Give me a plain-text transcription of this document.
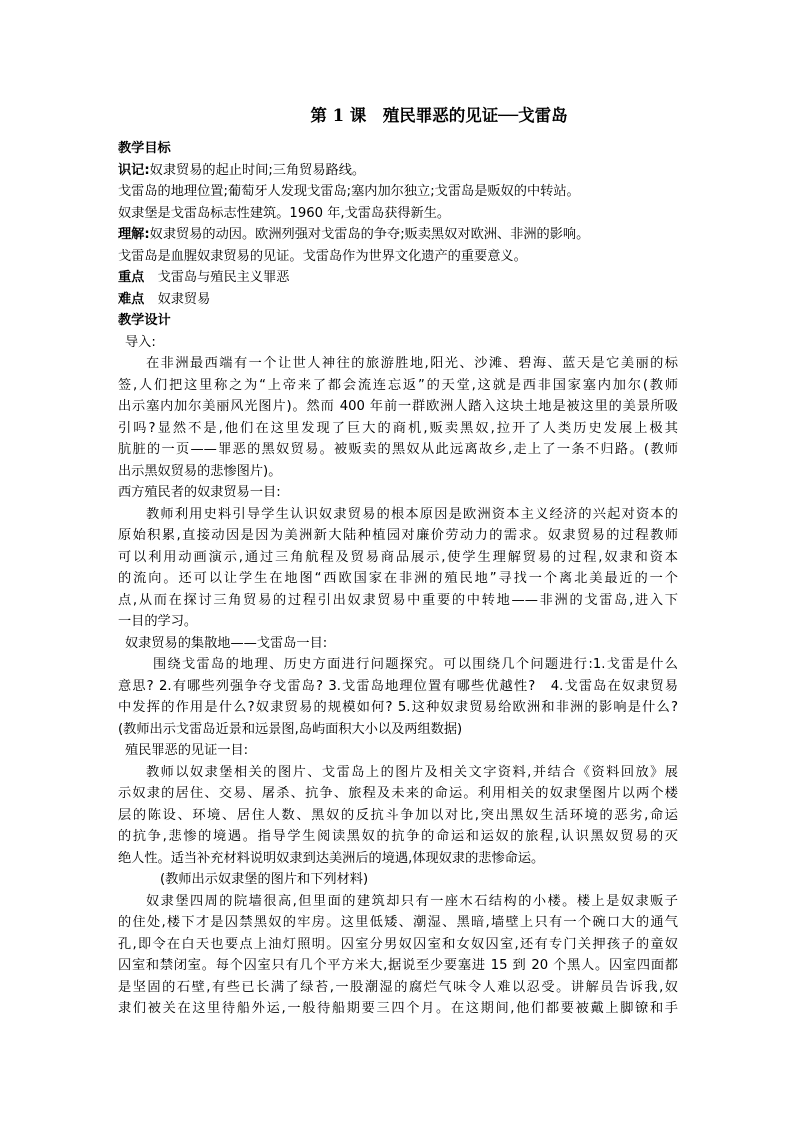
第 1 课　殖民罪恶的见证──戈雷岛
教学目标
识记:奴隶贸易的起止时间;三角贸易路线。
戈雷岛的地理位置;葡萄牙人发现戈雷岛;塞内加尔独立;戈雷岛是贩奴的中转站。
奴隶堡是戈雷岛标志性建筑。1960 年,戈雷岛获得新生。
理解:奴隶贸易的动因。欧洲列强对戈雷岛的争夺;贩卖黑奴对欧洲、非洲的影响。
戈雷岛是血腥奴隶贸易的见证。戈雷岛作为世界文化遗产的重要意义。
重点　 戈雷岛与殖民主义罪恶
难点　 奴隶贸易
教学设计
导入:
在非洲最西端有一个让世人神往的旅游胜地,阳光、沙滩、碧海、蓝天是它美丽的标
签,人们把这里称之为“上帝来了都会流连忘返”的天堂,这就是西非国家塞内加尔(教师
出示塞内加尔美丽风光图片)。然而 400 年前一群欧洲人踏入这块土地是被这里的美景所吸
引吗?显然不是,他们在这里发现了巨大的商机,贩卖黑奴,拉开了人类历史发展上极其
肮脏的一页——罪恶的黑奴贸易。被贩卖的黑奴从此远离故乡,走上了一条不归路。(教师
出示黑奴贸易的悲惨图片)。
西方殖民者的奴隶贸易一目:
教师利用史料引导学生认识奴隶贸易的根本原因是欧洲资本主义经济的兴起对资本的
原始积累,直接动因是因为美洲新大陆种植园对廉价劳动力的需求。奴隶贸易的过程教师
可以利用动画演示,通过三角航程及贸易商品展示,使学生理解贸易的过程,奴隶和资本
的流向。还可以让学生在地图“西欧国家在非洲的殖民地”寻找一个离北美最近的一个
点,从而在探讨三角贸易的过程引出奴隶贸易中重要的中转地——非洲的戈雷岛,进入下
一目的学习。
奴隶贸易的集散地——戈雷岛一目:
围绕戈雷岛的地理、历史方面进行问题探究。可以围绕几个问题进行:1.戈雷是什么
意思? 2.有哪些列强争夺戈雷岛? 3.戈雷岛地理位置有哪些优越性?　4.戈雷岛在奴隶贸易
中发挥的作用是什么?奴隶贸易的规模如何? 5.这种奴隶贸易给欧洲和非洲的影响是什么?
(教师出示戈雷岛近景和远景图,岛屿面积大小以及两组数据)
殖民罪恶的见证一目:
教师以奴隶堡相关的图片、戈雷岛上的图片及相关文字资料,并结合《资料回放》展
示奴隶的居住、交易、屠杀、抗争、旅程及未来的命运。利用相关的奴隶堡图片以两个楼
层的陈设、环境、居住人数、黑奴的反抗斗争加以对比,突出黑奴生活环境的恶劣,命运
的抗争,悲惨的境遇。指导学生阅读黑奴的抗争的命运和运奴的旅程,认识黑奴贸易的灭
绝人性。适当补充材料说明奴隶到达美洲后的境遇,体现奴隶的悲惨命运。
(教师出示奴隶堡的图片和下列材料)
奴隶堡四周的院墙很高,但里面的建筑却只有一座木石结构的小楼。楼上是奴隶贩子
的住处,楼下才是囚禁黑奴的牢房。这里低矮、潮湿、黑暗,墙壁上只有一个碗口大的通气
孔,即令在白天也要点上油灯照明。囚室分男奴囚室和女奴囚室,还有专门关押孩子的童奴
囚室和禁闭室。每个囚室只有几个平方米大,据说至少要塞进 15 到 20 个黑人。囚室四面都
是坚固的石壁,有些已长满了绿苔,一股潮湿的腐烂气味令人难以忍受。讲解员告诉我,奴
隶们被关在这里待船外运,一般待船期要三四个月。在这期间,他们都要被戴上脚镣和手
